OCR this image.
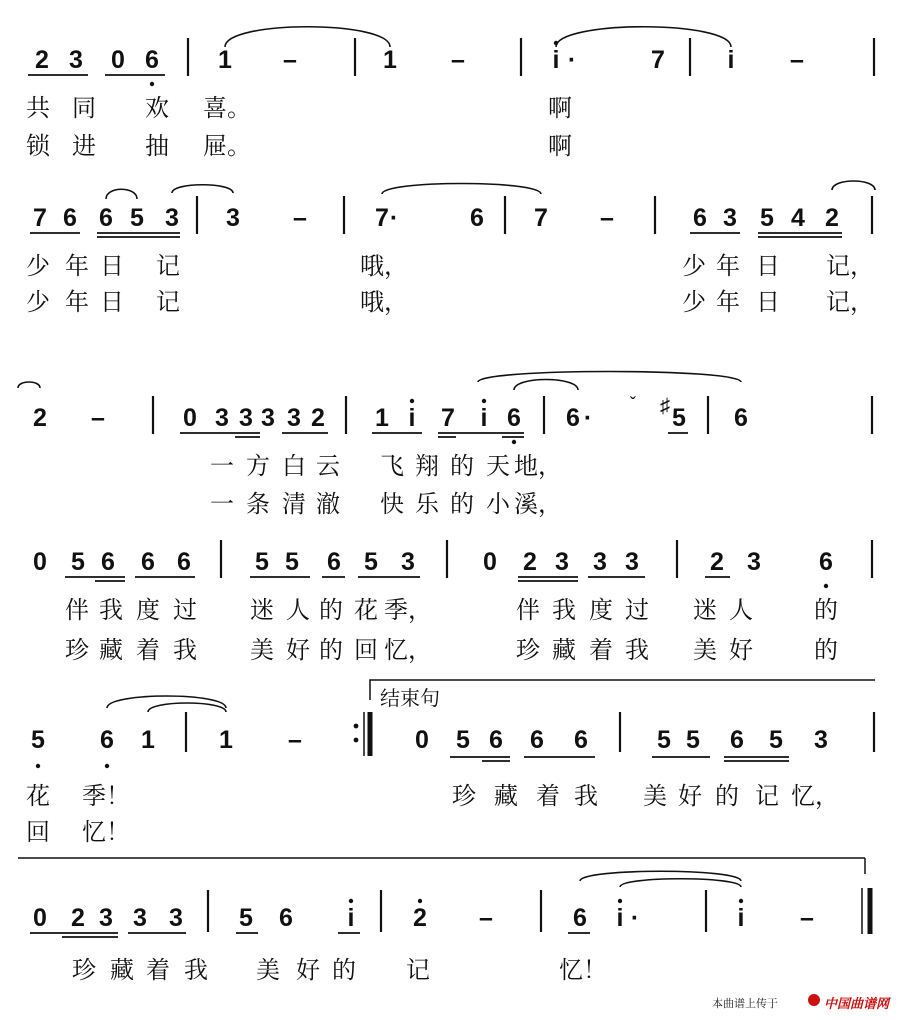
2 3 0 6 1 –	1 –	i ·	7	i –
7 6 6 5 3 3 –	7 ·	6 7 –	6 3 5 4 2
2 –	0 3 3 3 3 2 1 i 7 i 6 6 · ˇ ♯ 5 6
0 5 6 6 6	5 5 6 5 3	0 2 3 3 3	2 3 6
5 6 1	1 –	0 5 6 6 6	5 5 6 5 3
0 2 3 3 3 5 6 i 2 –	6 i ·	i –
共 同 欢 喜。	啊
锁 进 抽 屉。	啊
少 年 日 记	哦，	少 年 日 记，
少 年 日 记	哦，	少 年 日 记，
一 方 白 云 飞 翔 的 天 地，
一 条 清 澈 快 乐 的 小 溪，
伴 我 度 过 迷 人 的 花 季，	伴 我 度 过 迷 人	的
珍 藏 着 我 美 好 的 回 忆，	珍 藏 着 我 美 好	的
花 季！	珍 藏 着 我 美 好 的 记 忆，
回 忆！
珍 藏 着 我 美 好 的 记	忆！
结束句
本曲谱上传于	中国曲谱网
